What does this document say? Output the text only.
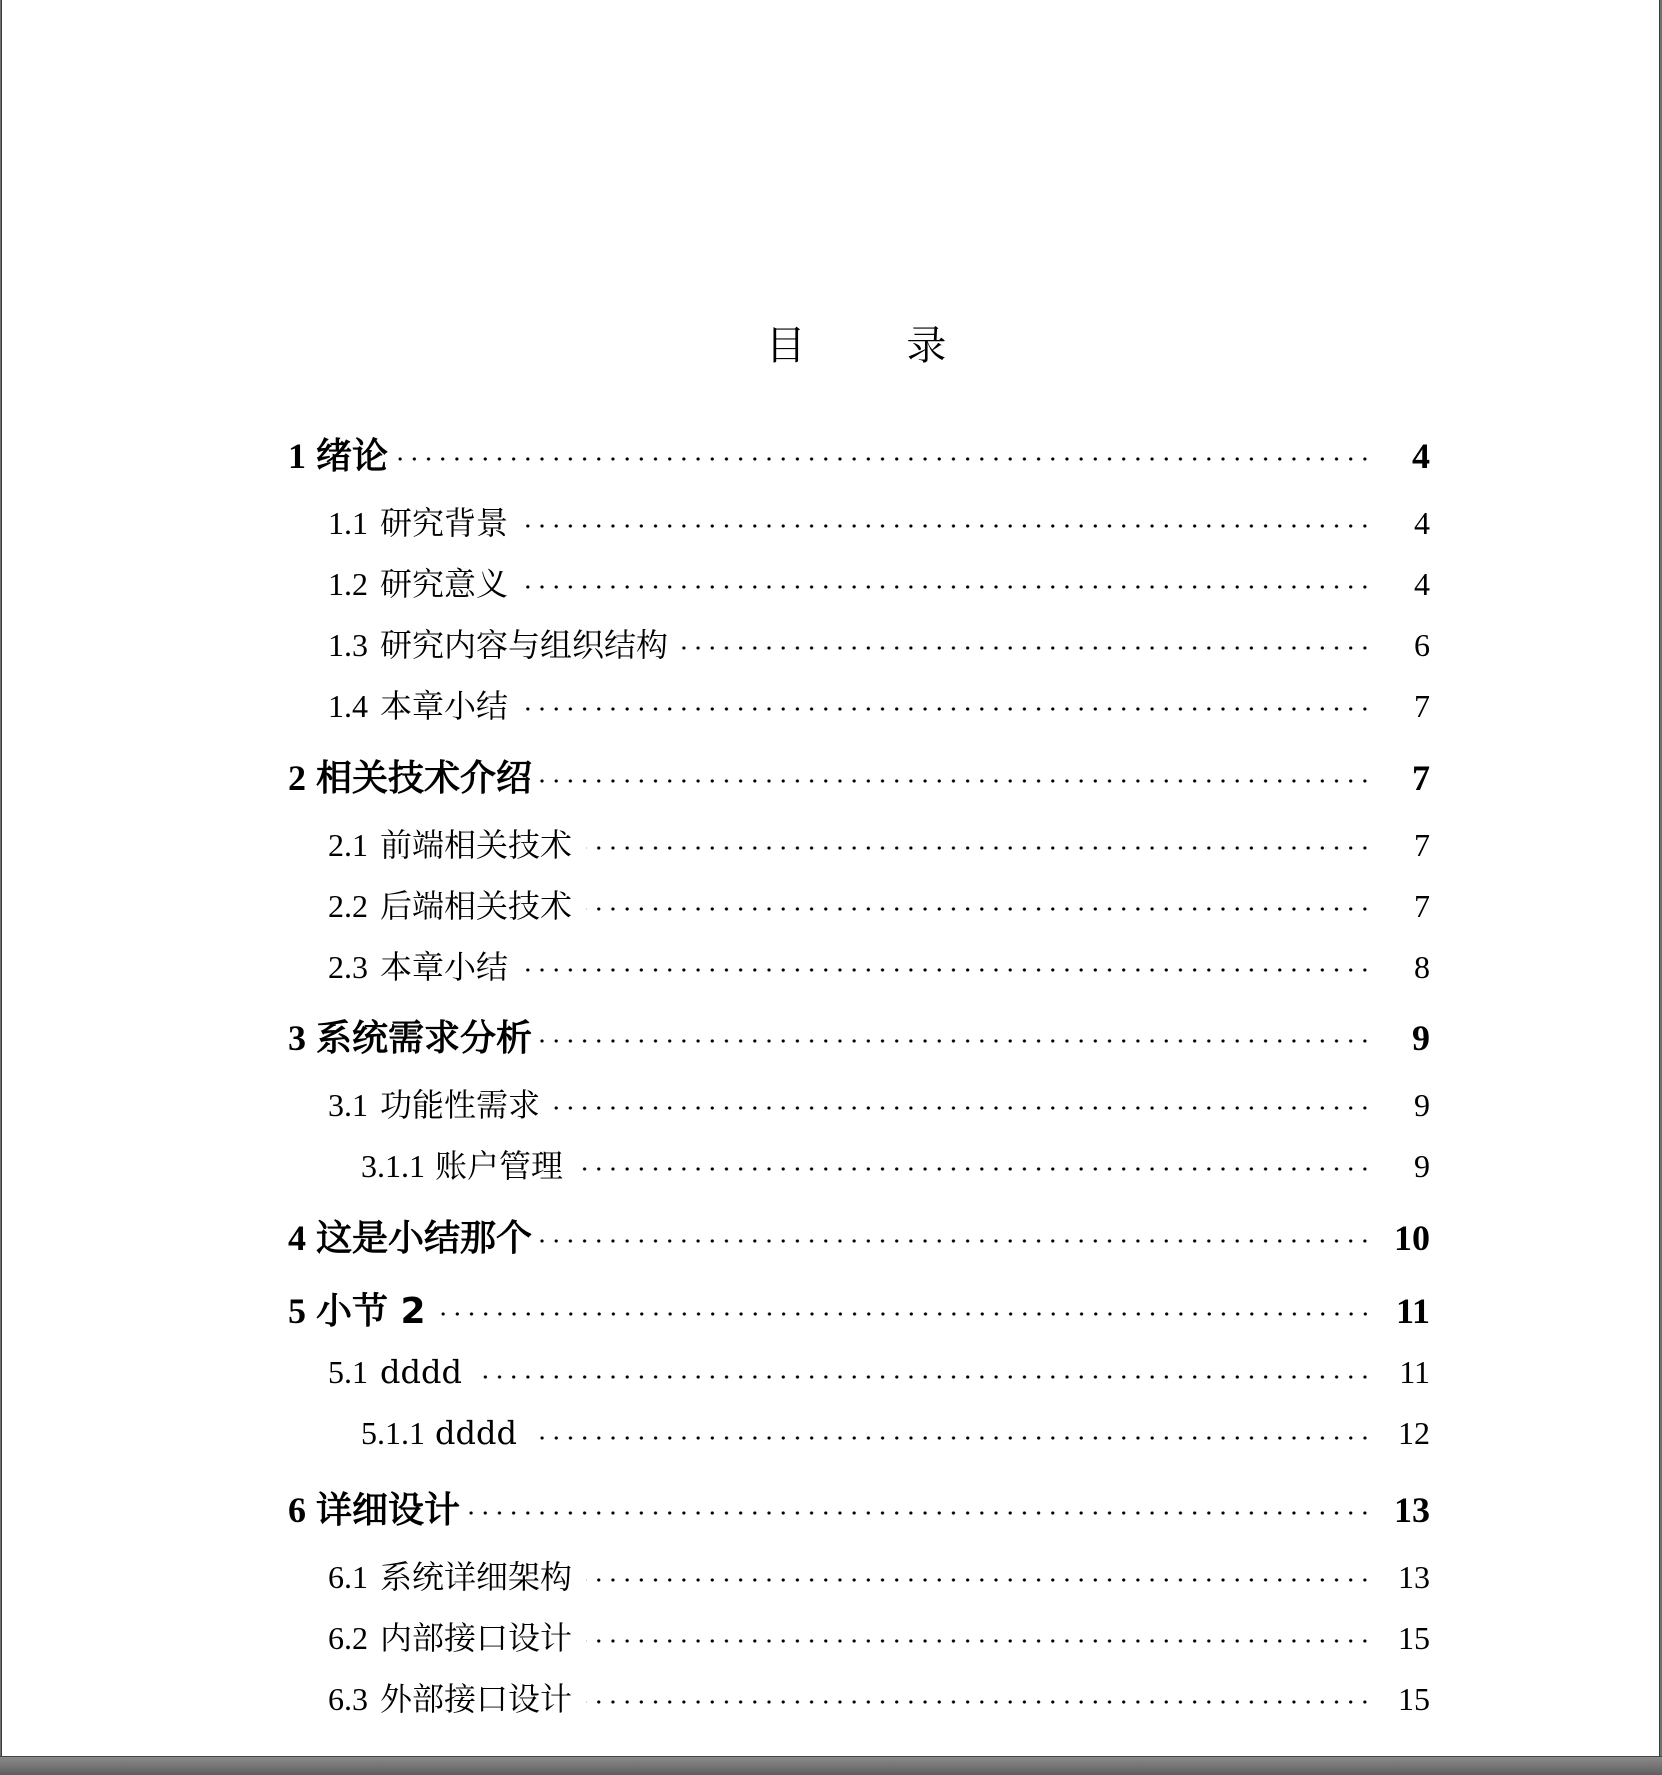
目 录
1 绪论	4
1.1 研究背景	4
1.2 研究意义	4
1.3 研究内容与组织结构	6
1.4 本章小结	7
2 相关技术介绍	7
2.1 前端相关技术	7
2.2 后端相关技术	7
2.3 本章小结	8
3 系统需求分析	9
3.1 功能性需求	9
3.1.1 账户管理	9
4 这是小结那个	10
5 小节 2	11
5.1 dddd	11
5.1.1 dddd	12
6 详细设计	13
6.1 系统详细架构	13
6.2 内部接口设计	15
6.3 外部接口设计	15
